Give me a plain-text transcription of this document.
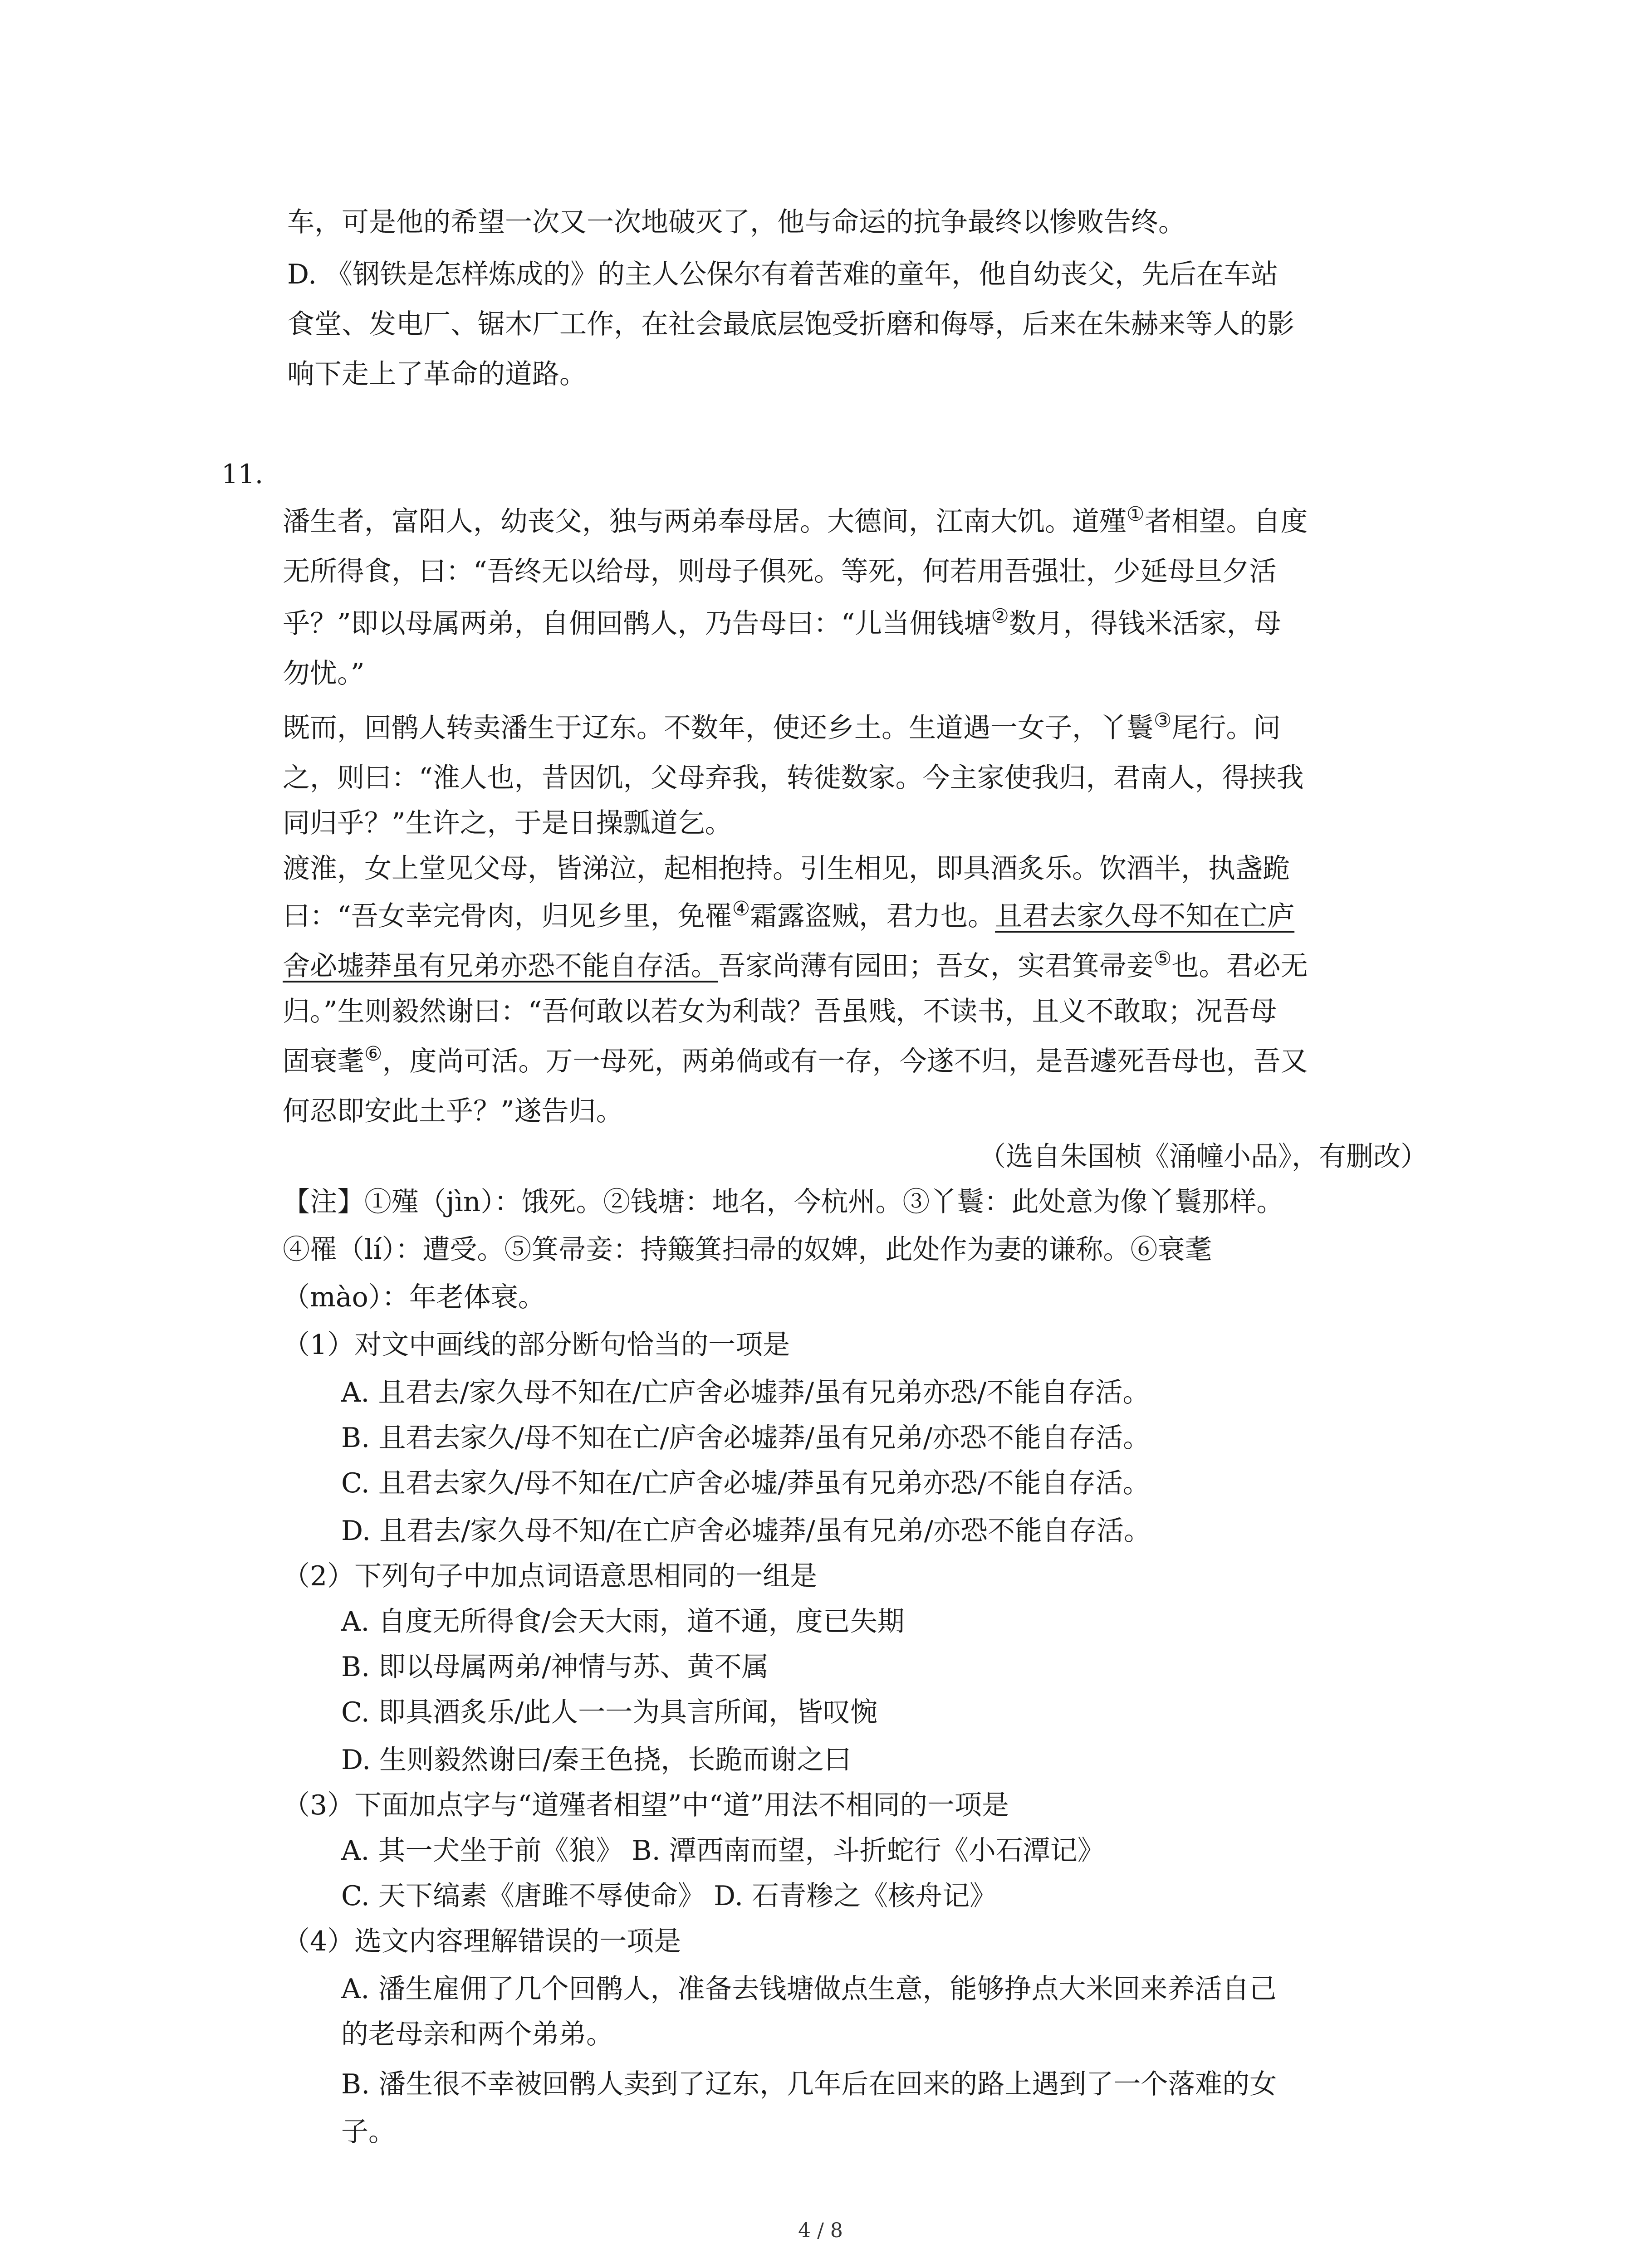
车，可是他的希望一次又一次地破灭了，他与命运的抗争最终以惨败告终。
D. 《钢铁是怎样炼成的》的主人公保尔有着苦难的童年，他自幼丧父，先后在车站
食堂、发电厂、锯木厂工作，在社会最底层饱受折磨和侮辱，后来在朱赫来等人的影
响下走上了革命的道路。
11.
潘生者，富阳人，幼丧父，独与两弟奉母居。大德间，江南大饥。道殣①者相望。自度
无所得食，曰：“吾终无以给母，则母子俱死。等死，何若用吾强壮，少延母旦夕活
乎？”即以母属两弟，自佣回鹘人，乃告母曰：“儿当佣钱塘②数月，得钱米活家，母
勿忧。”
既而，回鹘人转卖潘生于辽东。不数年，使还乡土。生道遇一女子，丫鬟③尾行。问
之，则曰：“淮人也，昔因饥，父母弃我，转徙数家。今主家使我归，君南人，得挟我
同归乎？”生许之，于是日操瓢道乞。
渡淮，女上堂见父母，皆涕泣，起相抱持。引生相见，即具酒炙乐。饮酒半，执盏跪
曰：“吾女幸完骨肉，归见乡里，免罹④霜露盗贼，君力也。且君去家久母不知在亡庐
舍必墟莽虽有兄弟亦恐不能自存活。吾家尚薄有园田；吾女，实君箕帚妾⑤也。君必无
归。”生则毅然谢曰：“吾何敢以若女为利哉？吾虽贱，不读书，且义不敢取；况吾母
固衰耄⑥，度尚可活。万一母死，两弟倘或有一存，今遂不归，是吾遽死吾母也，吾又
何忍即安此土乎？”遂告归。
（选自朱国桢《涌幢小品》，有删改）
【注】①殣（jìn）：饿死。②钱塘：地名，今杭州。③丫鬟：此处意为像丫鬟那样。
④罹（lí）：遭受。⑤箕帚妾：持簸箕扫帚的奴婢，此处作为妻的谦称。⑥衰耄
（mào）：年老体衰。
（1）对文中画线的部分断句恰当的一项是
A. 且君去/家久母不知在/亡庐舍必墟莽/虽有兄弟亦恐/不能自存活。
B. 且君去家久/母不知在亡/庐舍必墟莽/虽有兄弟/亦恐不能自存活。
C. 且君去家久/母不知在/亡庐舍必墟/莽虽有兄弟亦恐/不能自存活。
D. 且君去/家久母不知/在亡庐舍必墟莽/虽有兄弟/亦恐不能自存活。
（2）下列句子中加点词语意思相同的一组是
A. 自度无所得食/会天大雨，道不通，度已失期
B. 即以母属两弟/神情与苏、黄不属
C. 即具酒炙乐/此人一一为具言所闻，皆叹惋
D. 生则毅然谢曰/秦王色挠，长跪而谢之曰
（3）下面加点字与“道殣者相望”中“道”用法不相同的一项是
A. 其一犬坐于前《狼》 B. 潭西南而望，斗折蛇行《小石潭记》
C. 天下缟素《唐雎不辱使命》 D. 石青糁之《核舟记》
（4）选文内容理解错误的一项是
A. 潘生雇佣了几个回鹘人，准备去钱塘做点生意，能够挣点大米回来养活自己
的老母亲和两个弟弟。
B. 潘生很不幸被回鹘人卖到了辽东，几年后在回来的路上遇到了一个落难的女
子。
4 / 8
